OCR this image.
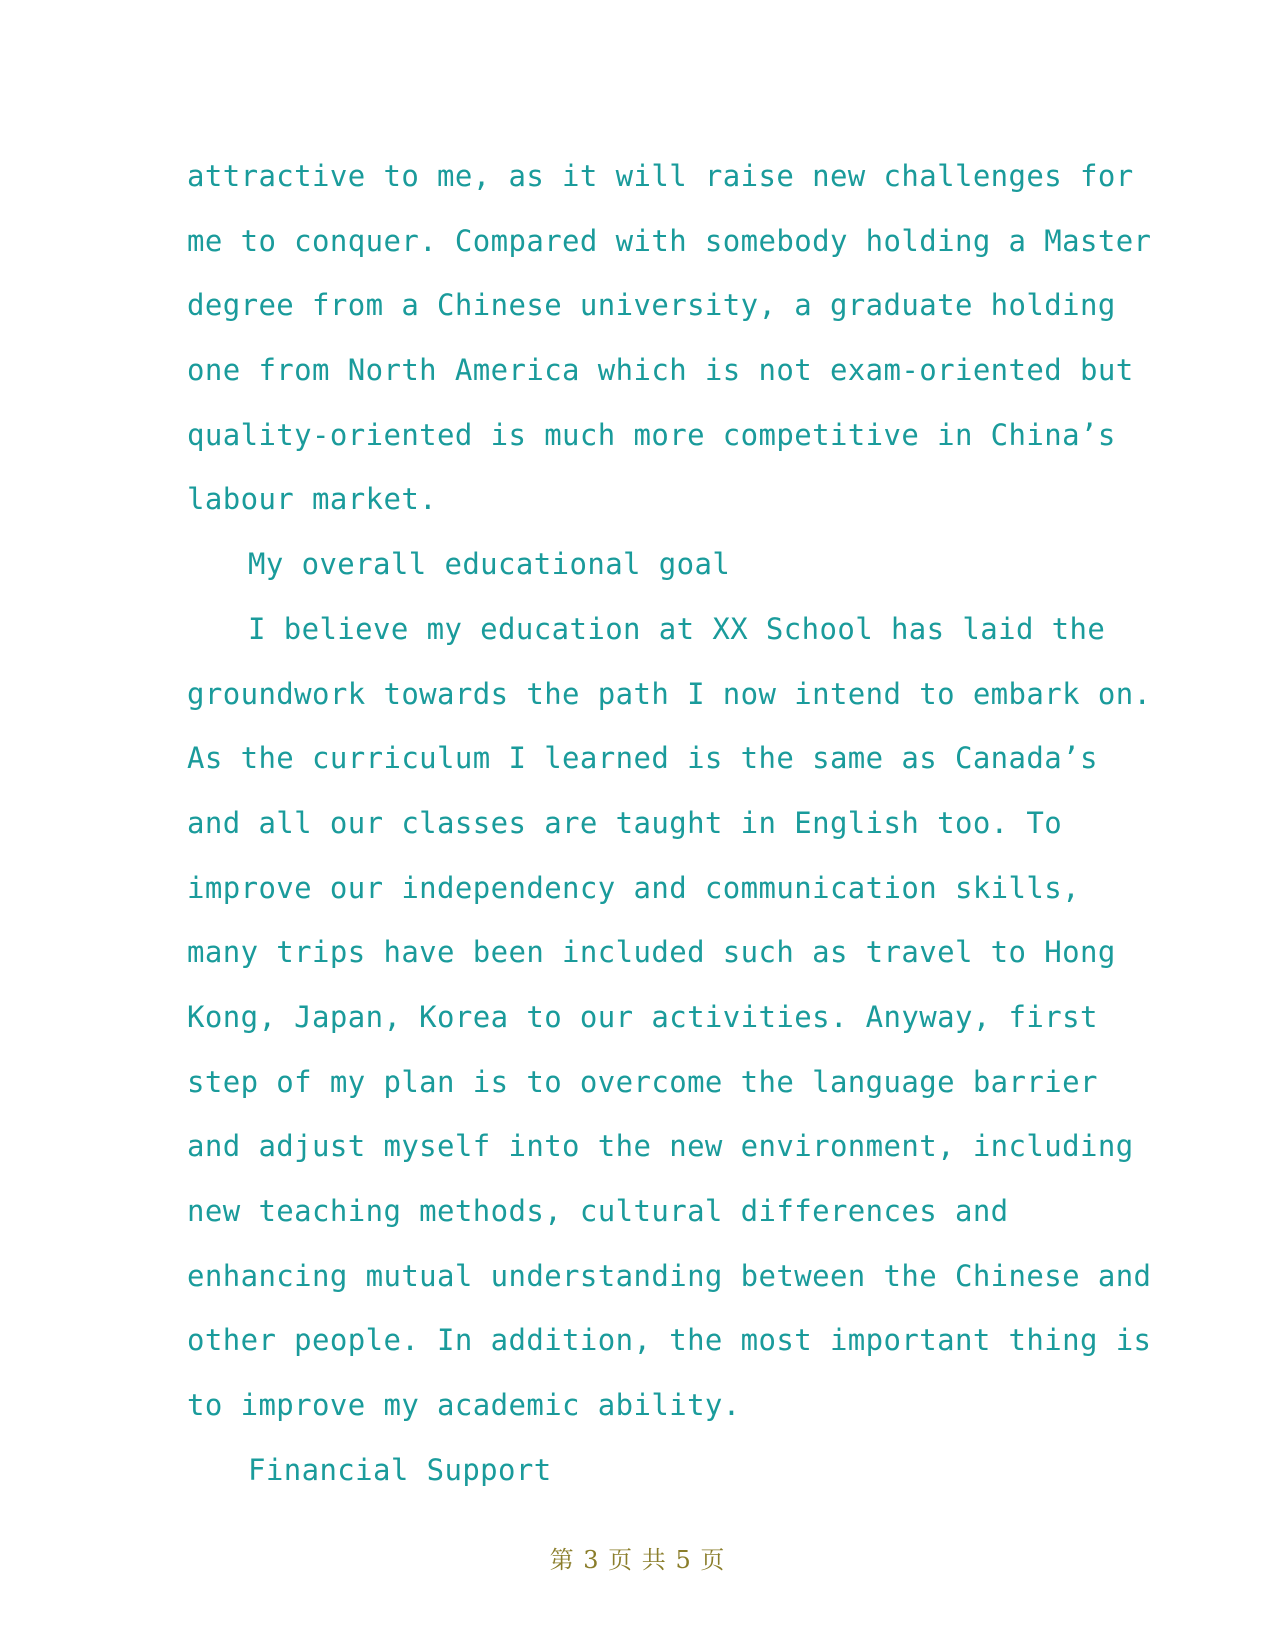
attractive to me, as it will raise new challenges for
me to conquer. Compared with somebody holding a Master
degree from a Chinese university, a graduate holding
one from North America which is not exam-oriented but
quality-oriented is much more competitive in China’s
labour market.
My overall educational goal
I believe my education at XX School has laid the
groundwork towards the path I now intend to embark on.
As the curriculum I learned is the same as Canada’s
and all our classes are taught in English too. To
improve our independency and communication skills,
many trips have been included such as travel to Hong
Kong, Japan, Korea to our activities. Anyway, first
step of my plan is to overcome the language barrier
and adjust myself into the new environment, including
new teaching methods, cultural differences and
enhancing mutual understanding between the Chinese and
other people. In addition, the most important thing is
to improve my academic ability.
Financial Support
第 3 页 共 5 页
